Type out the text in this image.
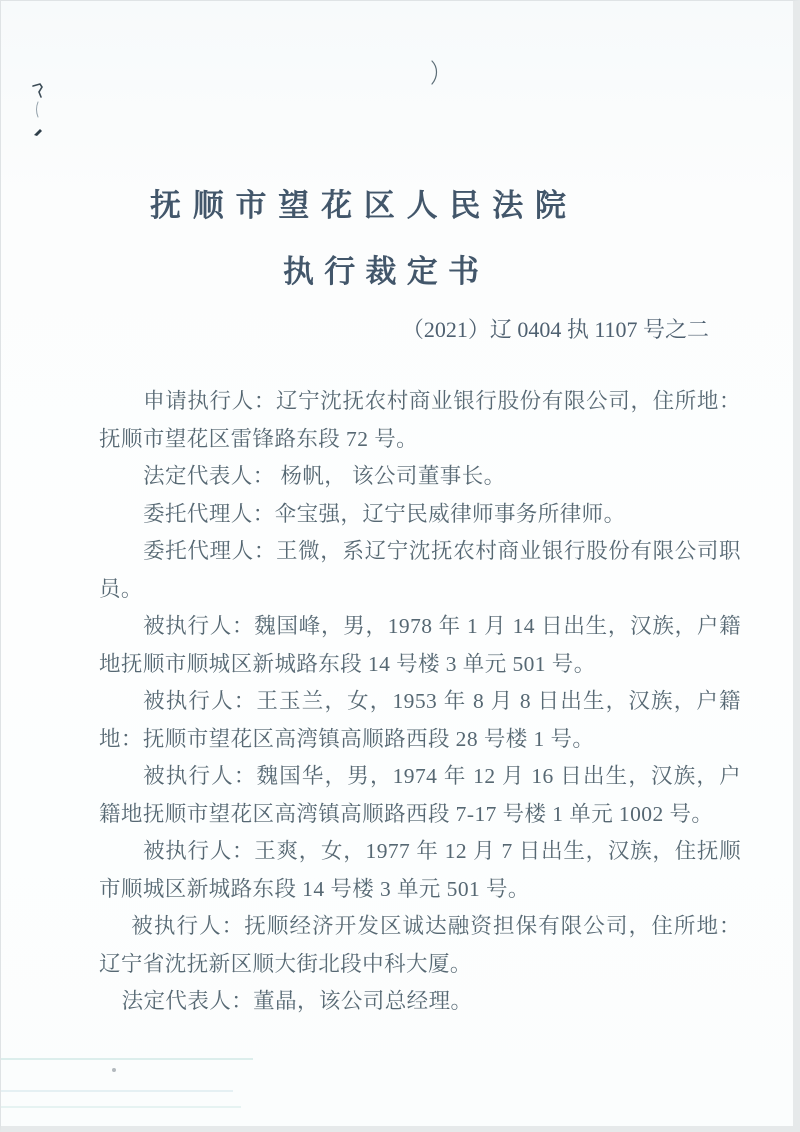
抚顺市望花区人民法院
执行裁定书
（2021）辽 0404 执 1107 号之二

申请执行人：辽宁沈抚农村商业银行股份有限公司，住所地：抚顺市望花区雷锋路东段 72 号。

法定代表人： 杨帆， 该公司董事长。

委托代理人：伞宝强，辽宁民威律师事务所律师。

委托代理人：王微，系辽宁沈抚农村商业银行股份有限公司职员。

被执行人：魏国峰，男，1978 年 1 月 14 日出生，汉族，户籍地抚顺市顺城区新城路东段 14 号楼 3 单元 501 号。

被执行人：王玉兰，女，1953 年 8 月 8 日出生，汉族，户籍地：抚顺市望花区高湾镇高顺路西段 28 号楼 1 号。

被执行人：魏国华，男，1974 年 12 月 16 日出生，汉族，户籍地抚顺市望花区高湾镇高顺路西段 7-17 号楼 1 单元 1002 号。

被执行人：王爽，女，1977 年 12 月 7 日出生，汉族，住抚顺市顺城区新城路东段 14 号楼 3 单元 501 号。

被执行人：抚顺经济开发区诚达融资担保有限公司，住所地：辽宁省沈抚新区顺大街北段中科大厦。

法定代表人：董晶，该公司总经理。
